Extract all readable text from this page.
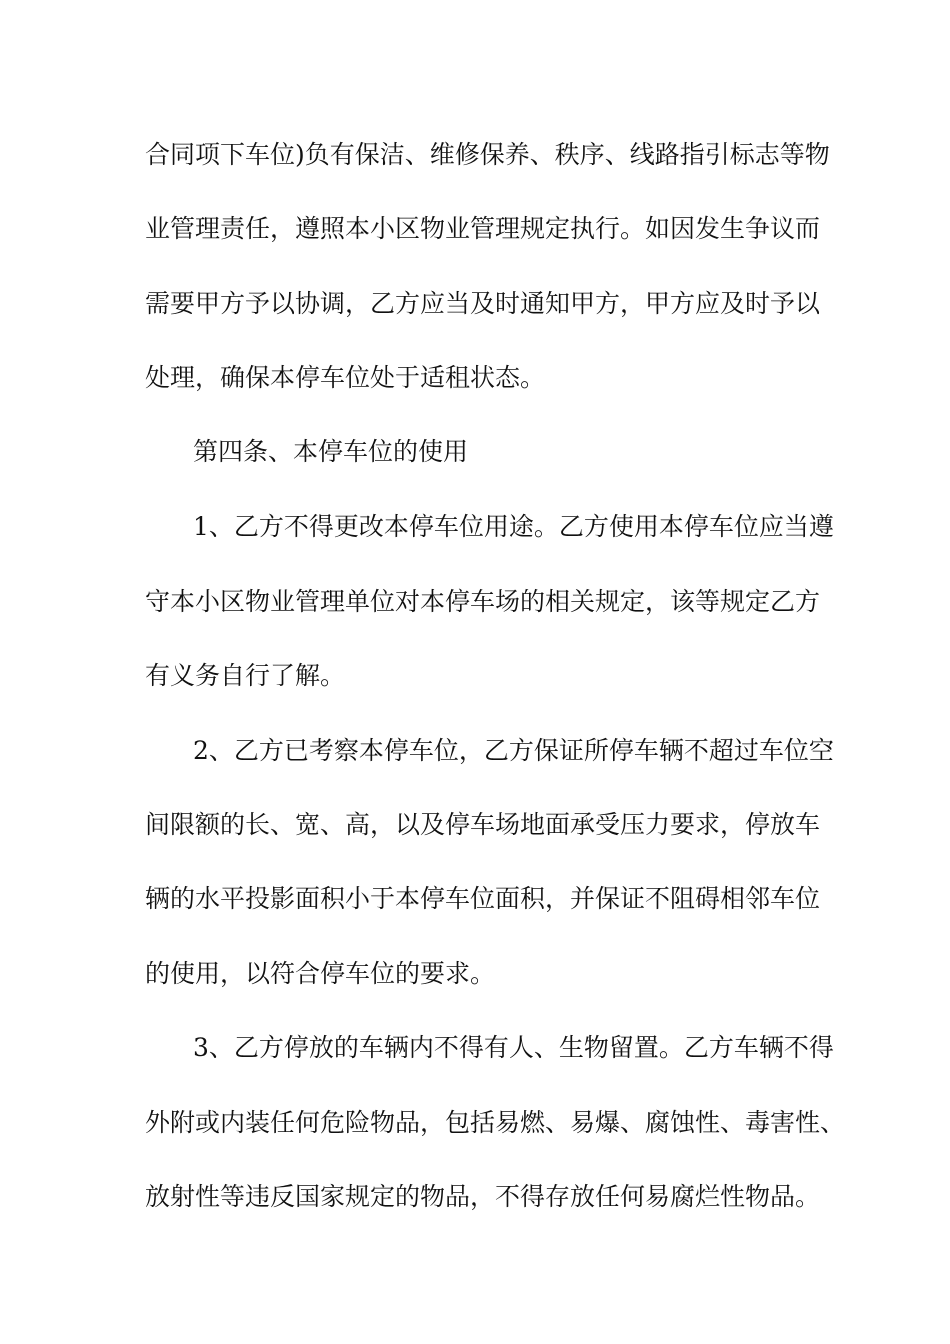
合同项下车位)负有保洁、维修保养、秩序、线路指引标志等物
业管理责任，遵照本小区物业管理规定执行。如因发生争议而
需要甲方予以协调，乙方应当及时通知甲方，甲方应及时予以
处理，确保本停车位处于适租状态。
第四条、本停车位的使用
1、乙方不得更改本停车位用途。乙方使用本停车位应当遵
守本小区物业管理单位对本停车场的相关规定，该等规定乙方
有义务自行了解。
2、乙方已考察本停车位，乙方保证所停车辆不超过车位空
间限额的长、宽、高，以及停车场地面承受压力要求，停放车
辆的水平投影面积小于本停车位面积，并保证不阻碍相邻车位
的使用，以符合停车位的要求。
3、乙方停放的车辆内不得有人、生物留置。乙方车辆不得
外附或内装任何危险物品，包括易燃、易爆、腐蚀性、毒害性、
放射性等违反国家规定的物品，不得存放任何易腐烂性物品。
